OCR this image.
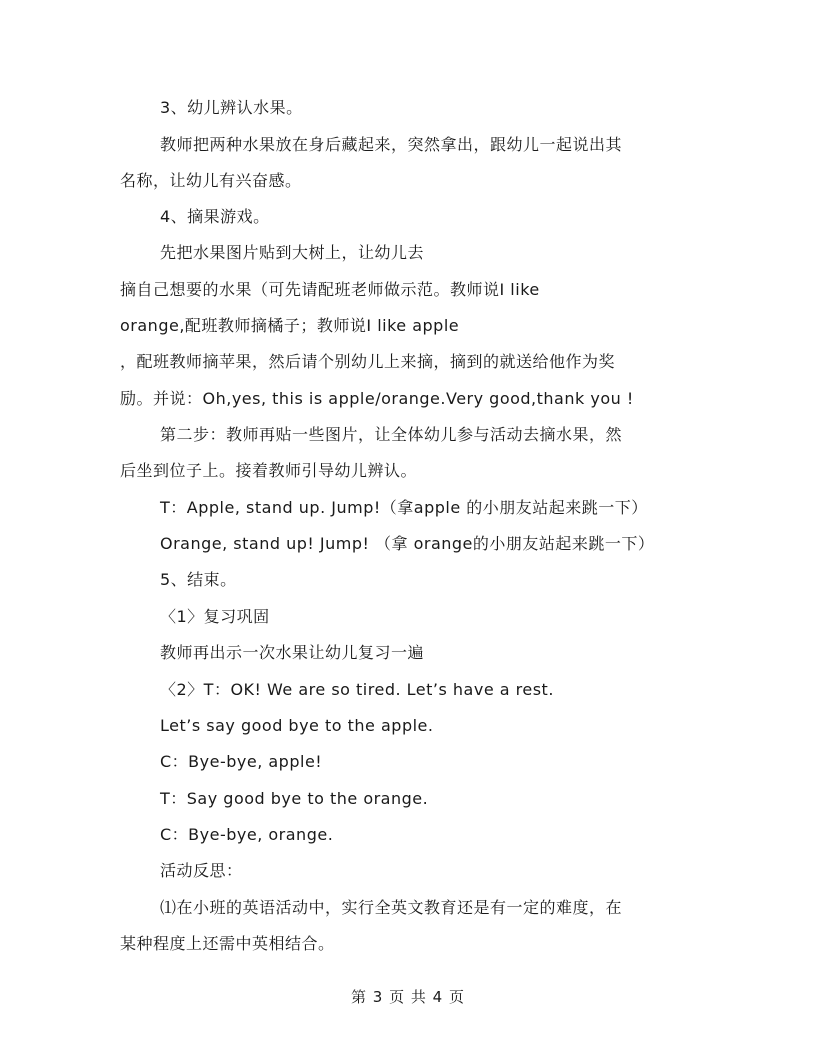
3、幼儿辨认水果。
教师把两种水果放在身后藏起来，突然拿出，跟幼儿一起说出其
名称，让幼儿有兴奋感。
4、摘果游戏。
先把水果图片贴到大树上，让幼儿去
摘自己想要的水果（可先请配班老师做示范。教师说I like
orange,配班教师摘橘子；教师说I like apple
，配班教师摘苹果，然后请个别幼儿上来摘，摘到的就送给他作为奖
励。并说：Oh,yes, this is apple/orange.Very good,thank you !
第二步：教师再贴一些图片，让全体幼儿参与活动去摘水果，然
后坐到位子上。接着教师引导幼儿辨认。
T：Apple, stand up. Jump!（拿apple 的小朋友站起来跳一下）
Orange, stand up! Jump! （拿 orange的小朋友站起来跳一下）
5、结束。
〈1〉复习巩固
教师再出示一次水果让幼儿复习一遍
〈2〉T：OK! We are so tired. Let’s have a rest.
Let’s say good bye to the apple.
C：Bye-bye, apple!
T：Say good bye to the orange.
C：Bye-bye, orange.
活动反思：
⑴在小班的英语活动中，实行全英文教育还是有一定的难度，在
某种程度上还需中英相结合。
第 3 页 共 4 页
